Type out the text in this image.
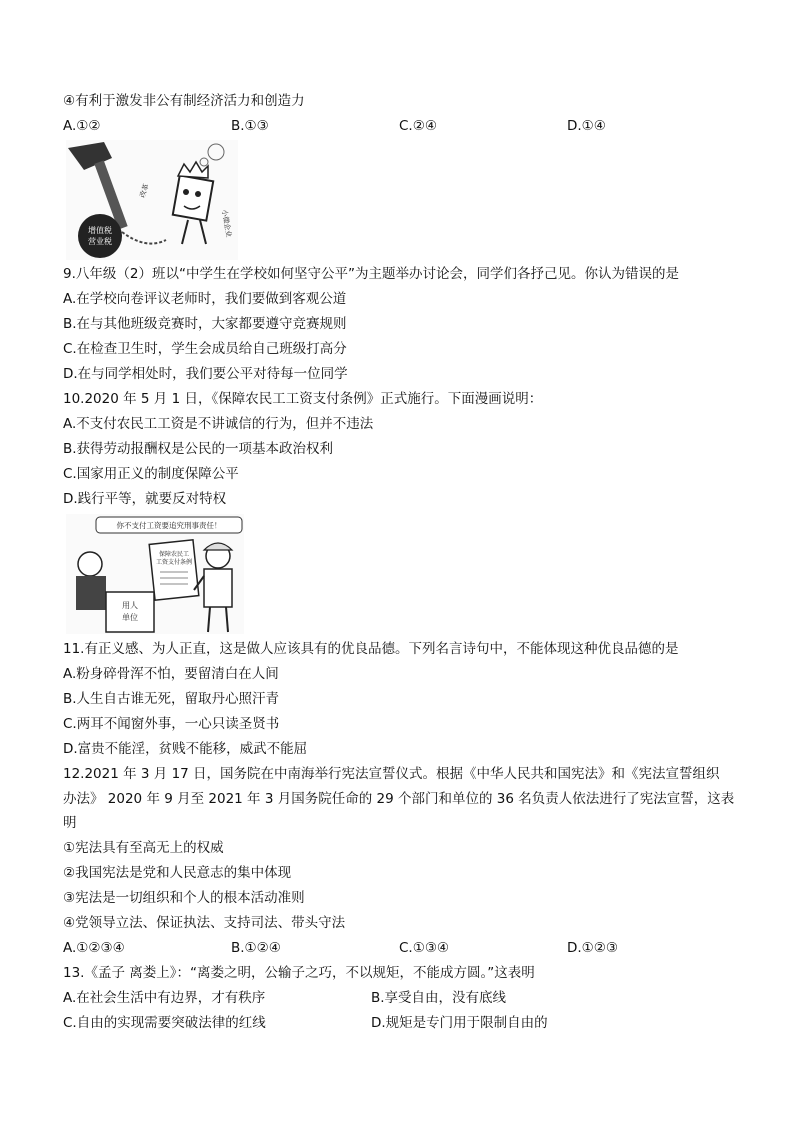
④有利于激发非公有制经济活力和创造力
A.①②	B.①③	C.②④	D.①④
增值税
营业税
小微企业
改革
9.八年级（2）班以“中学生在学校如何坚守公平”为主题举办讨论会，同学们各抒己见。你认为错误的是
A.在学校向卷评议老师时，我们要做到客观公道
B.在与其他班级竞赛时，大家都要遵守竞赛规则
C.在检查卫生时，学生会成员给自己班级打高分
D.在与同学相处时，我们要公平对待每一位同学
10.2020 年 5 月 1 日，《保障农民工工资支付条例》正式施行。下面漫画说明：
A.不支付农民工工资是不讲诚信的行为，但并不违法
B.获得劳动报酬权是公民的一项基本政治权利
C.国家用正义的制度保障公平
D.践行平等，就要反对特权
你不支付工资要追究刑事责任！
用人
单位
保障农民工
工资支付条例
11.有正义感、为人正直，这是做人应该具有的优良品德。下列名言诗句中，不能体现这种优良品德的是
A.粉身碎骨浑不怕，要留清白在人间
B.人生自古谁无死，留取丹心照汗青
C.两耳不闻窗外事，一心只读圣贤书
D.富贵不能淫，贫贱不能移，威武不能屈
12.2021 年 3 月 17 日，国务院在中南海举行宪法宣誓仪式。根据《中华人民共和国宪法》和《宪法宣誓组织
办法》 2020 年 9 月至 2021 年 3 月国务院任命的 29 个部门和单位的 36 名负责人依法进行了宪法宣誓，这表
明
①宪法具有至高无上的权威
②我国宪法是党和人民意志的集中体现
③宪法是一切组织和个人的根本活动准则
④党领导立法、保证执法、支持司法、带头守法
A.①②③④	B.①②④	C.①③④	D.①②③
13.《孟子 离娄上》：“离娄之明，公输子之巧，不以规矩，不能成方圆。”这表明
A.在社会生活中有边界，才有秩序	B.享受自由，没有底线
C.自由的实现需要突破法律的红线	D.规矩是专门用于限制自由的
